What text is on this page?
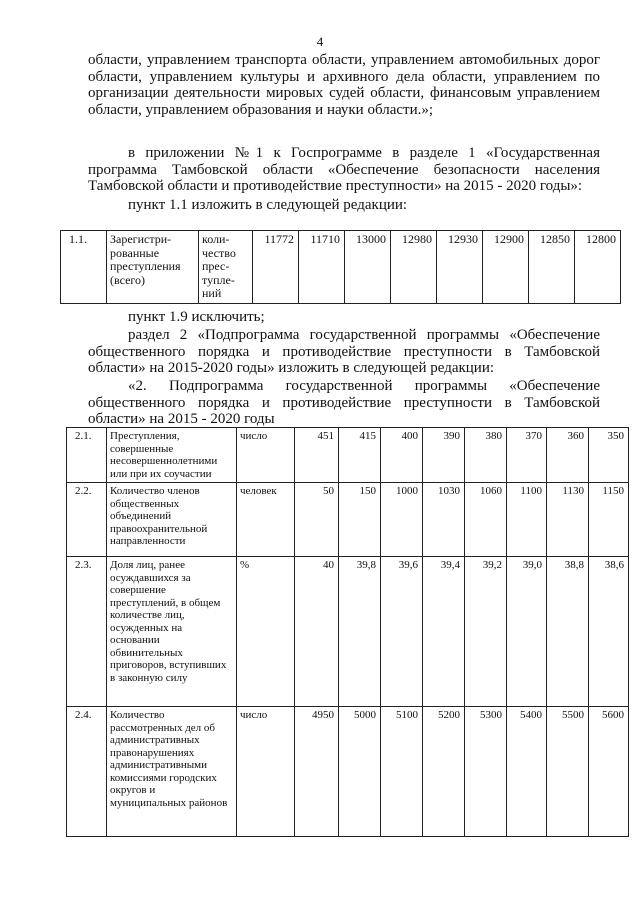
4
области, управлением транспорта области, управлением автомобильных дорог области, управлением культуры и архивного дела области, управлением по организации деятельности мировых судей области, финансовым управлением области, управлением образования и науки области.»;
в приложении №1 к Госпрограмме в разделе 1 «Государственная программа Тамбовской области «Обеспечение безопасности населения Тамбовской области и противодействие преступности» на 2015 - 2020 годы»:
пункт 1.1 изложить в следующей редакции:
1.1.	Зарегистри-рованные преступления (всего)	коли-чество прес-тупле-ний	11772	11710	13000	12980	12930	12900	12850	12800
пункт 1.9 исключить;
раздел 2 «Подпрограмма государственной программы «Обеспечение общественного порядка и противодействие преступности в Тамбовской области» на 2015-2020 годы» изложить в следующей редакции:
«2. Подпрограмма государственной программы «Обеспечение общественного порядка и противодействие преступности в Тамбовской области» на 2015 - 2020 годы
2.1.	Преступления, совершенные несовершеннолетними или при их соучастии	число	451	415	400	390	380	370	360	350
2.2.	Количество членов общественных объединений правоохранительной направленности	человек	50	150	1000	1030	1060	1100	1130	1150
2.3.	Доля лиц, ранее осуждавшихся за совершение преступлений, в общем количестве лиц, осужденных на основании обвинительных приговоров, вступивших в законную силу	%	40	39,8	39,6	39,4	39,2	39,0	38,8	38,6
2.4.	Количество рассмотренных дел об административных правонарушениях административными комиссиями городских округов и муниципальных районов	число	4950	5000	5100	5200	5300	5400	5500	5600
